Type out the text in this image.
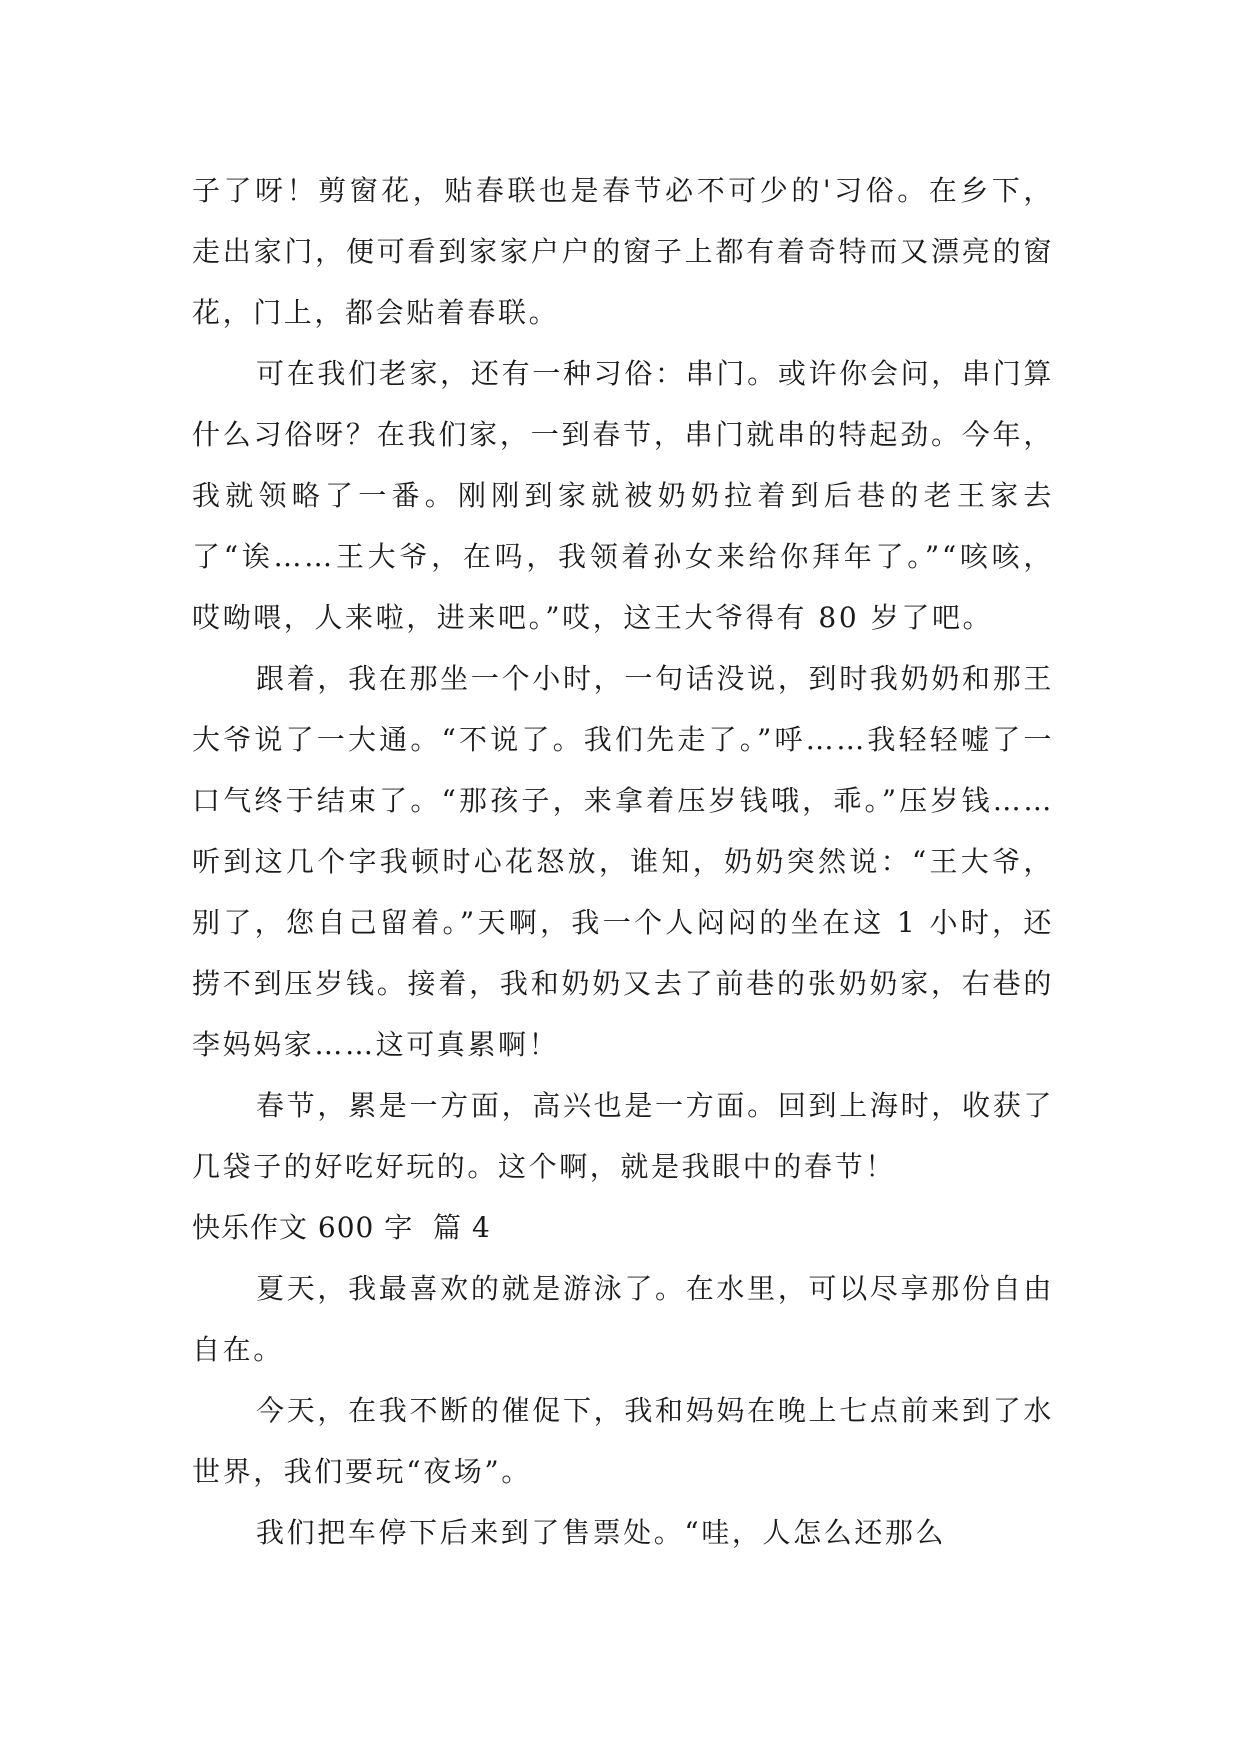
子了呀！剪窗花，贴春联也是春节必不可少的'习俗。在乡下，走出家门，便可看到家家户户的窗子上都有着奇特而又漂亮的窗花，门上，都会贴着春联。

可在我们老家，还有一种习俗：串门。或许你会问，串门算什么习俗呀？在我们家，一到春节，串门就串的特起劲。今年，我就领略了一番。刚刚到家就被奶奶拉着到后巷的老王家去了“诶……王大爷，在吗，我领着孙女来给你拜年了。”“咳咳，哎呦喂，人来啦，进来吧。”哎，这王大爷得有 80 岁了吧。

跟着，我在那坐一个小时，一句话没说，到时我奶奶和那王大爷说了一大通。“不说了。我们先走了。”呼……我轻轻嘘了一口气终于结束了。“那孩子，来拿着压岁钱哦，乖。”压岁钱……听到这几个字我顿时心花怒放，谁知，奶奶突然说：“王大爷，别了，您自己留着。”天啊，我一个人闷闷的坐在这 1 小时，还捞不到压岁钱。接着，我和奶奶又去了前巷的张奶奶家，右巷的李妈妈家……这可真累啊！

春节，累是一方面，高兴也是一方面。回到上海时，收获了几袋子的好吃好玩的。这个啊，就是我眼中的春节！

快乐作文 600 字  篇 4

夏天，我最喜欢的就是游泳了。在水里，可以尽享那份自由自在。

今天，在我不断的催促下，我和妈妈在晚上七点前来到了水世界，我们要玩“夜场”。

我们把车停下后来到了售票处。“哇，人怎么还那么
